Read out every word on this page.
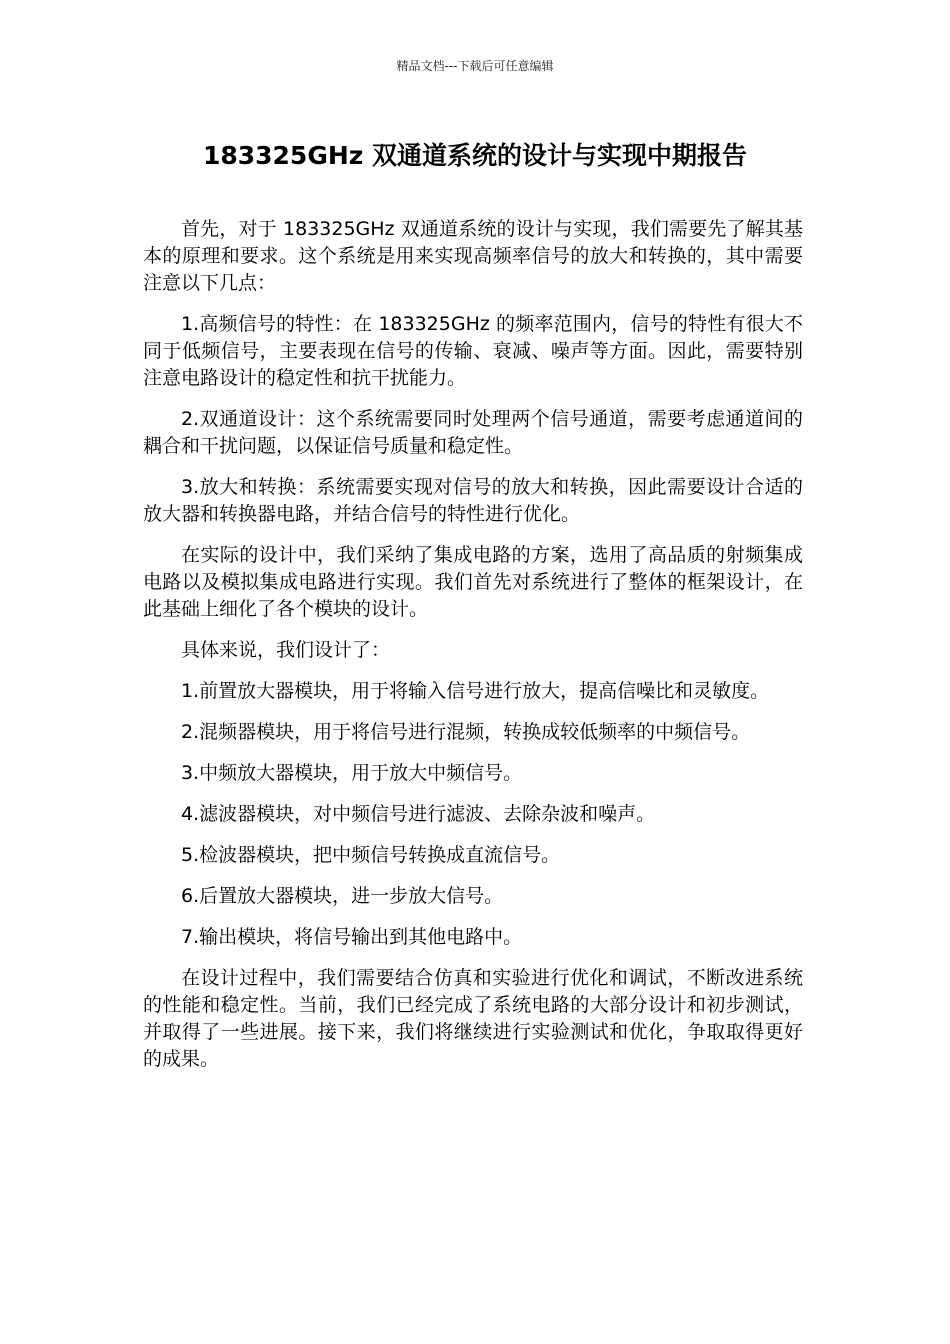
精品文档---下载后可任意编辑
183325GHz 双通道系统的设计与实现中期报告

首先，对于 183325GHz 双通道系统的设计与实现，我们需要先了解其基本的原理和要求。这个系统是用来实现高频率信号的放大和转换的，其中需要注意以下几点：

1.高频信号的特性：在 183325GHz 的频率范围内，信号的特性有很大不同于低频信号，主要表现在信号的传输、衰减、噪声等方面。因此，需要特别注意电路设计的稳定性和抗干扰能力。

2.双通道设计：这个系统需要同时处理两个信号通道，需要考虑通道间的耦合和干扰问题，以保证信号质量和稳定性。

3.放大和转换：系统需要实现对信号的放大和转换，因此需要设计合适的放大器和转换器电路，并结合信号的特性进行优化。

在实际的设计中，我们采纳了集成电路的方案，选用了高品质的射频集成电路以及模拟集成电路进行实现。我们首先对系统进行了整体的框架设计，在此基础上细化了各个模块的设计。

具体来说，我们设计了：

1.前置放大器模块，用于将输入信号进行放大，提高信噪比和灵敏度。

2.混频器模块，用于将信号进行混频，转换成较低频率的中频信号。

3.中频放大器模块，用于放大中频信号。

4.滤波器模块，对中频信号进行滤波、去除杂波和噪声。

5.检波器模块，把中频信号转换成直流信号。

6.后置放大器模块，进一步放大信号。

7.输出模块，将信号输出到其他电路中。

在设计过程中，我们需要结合仿真和实验进行优化和调试，不断改进系统的性能和稳定性。当前，我们已经完成了系统电路的大部分设计和初步测试，并取得了一些进展。接下来，我们将继续进行实验测试和优化，争取取得更好的成果。
